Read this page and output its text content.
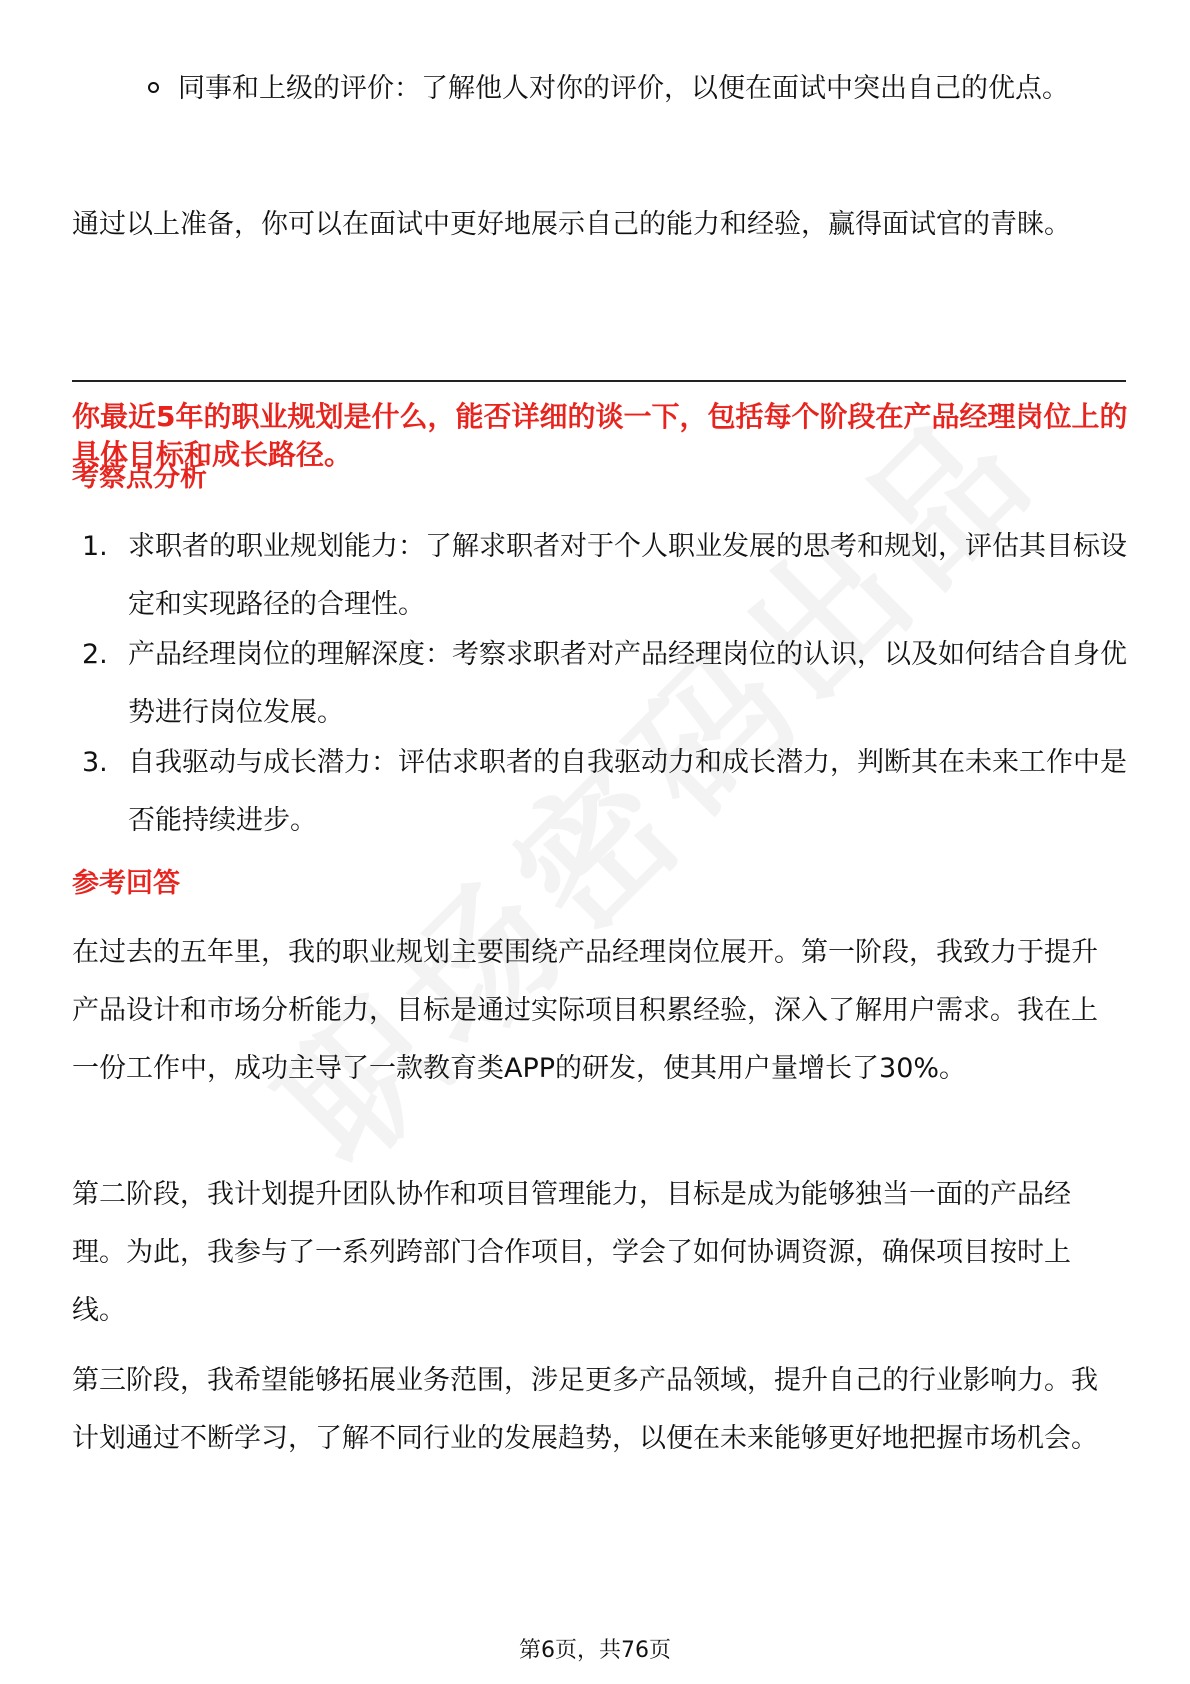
同事和上级的评价：了解他人对你的评价，以便在面试中突出自己的优点。

通过以上准备，你可以在面试中更好地展示自己的能力和经验，赢得面试官的青睐。

你最近5年的职业规划是什么，能否详细的谈一下，包括每个阶段在产品经理岗位上的具体目标和成长路径。

考察点分析
1. 求职者的职业规划能力：了解求职者对于个人职业发展的思考和规划，评估其目标设定和实现路径的合理性。
2. 产品经理岗位的理解深度：考察求职者对产品经理岗位的认识，以及如何结合自身优势进行岗位发展。
3. 自我驱动与成长潜力：评估求职者的自我驱动力和成长潜力，判断其在未来工作中是否能持续进步。
参考回答

在过去的五年里，我的职业规划主要围绕产品经理岗位展开。第一阶段，我致力于提升产品设计和市场分析能力，目标是通过实际项目积累经验，深入了解用户需求。我在上一份工作中，成功主导了一款教育类APP的研发，使其用户量增长了30%。

第二阶段，我计划提升团队协作和项目管理能力，目标是成为能够独当一面的产品经理。为此，我参与了一系列跨部门合作项目，学会了如何协调资源，确保项目按时上线。

第三阶段，我希望能够拓展业务范围，涉足更多产品领域，提升自己的行业影响力。我计划通过不断学习，了解不同行业的发展趋势，以便在未来能够更好地把握市场机会。

第6页，共76页
